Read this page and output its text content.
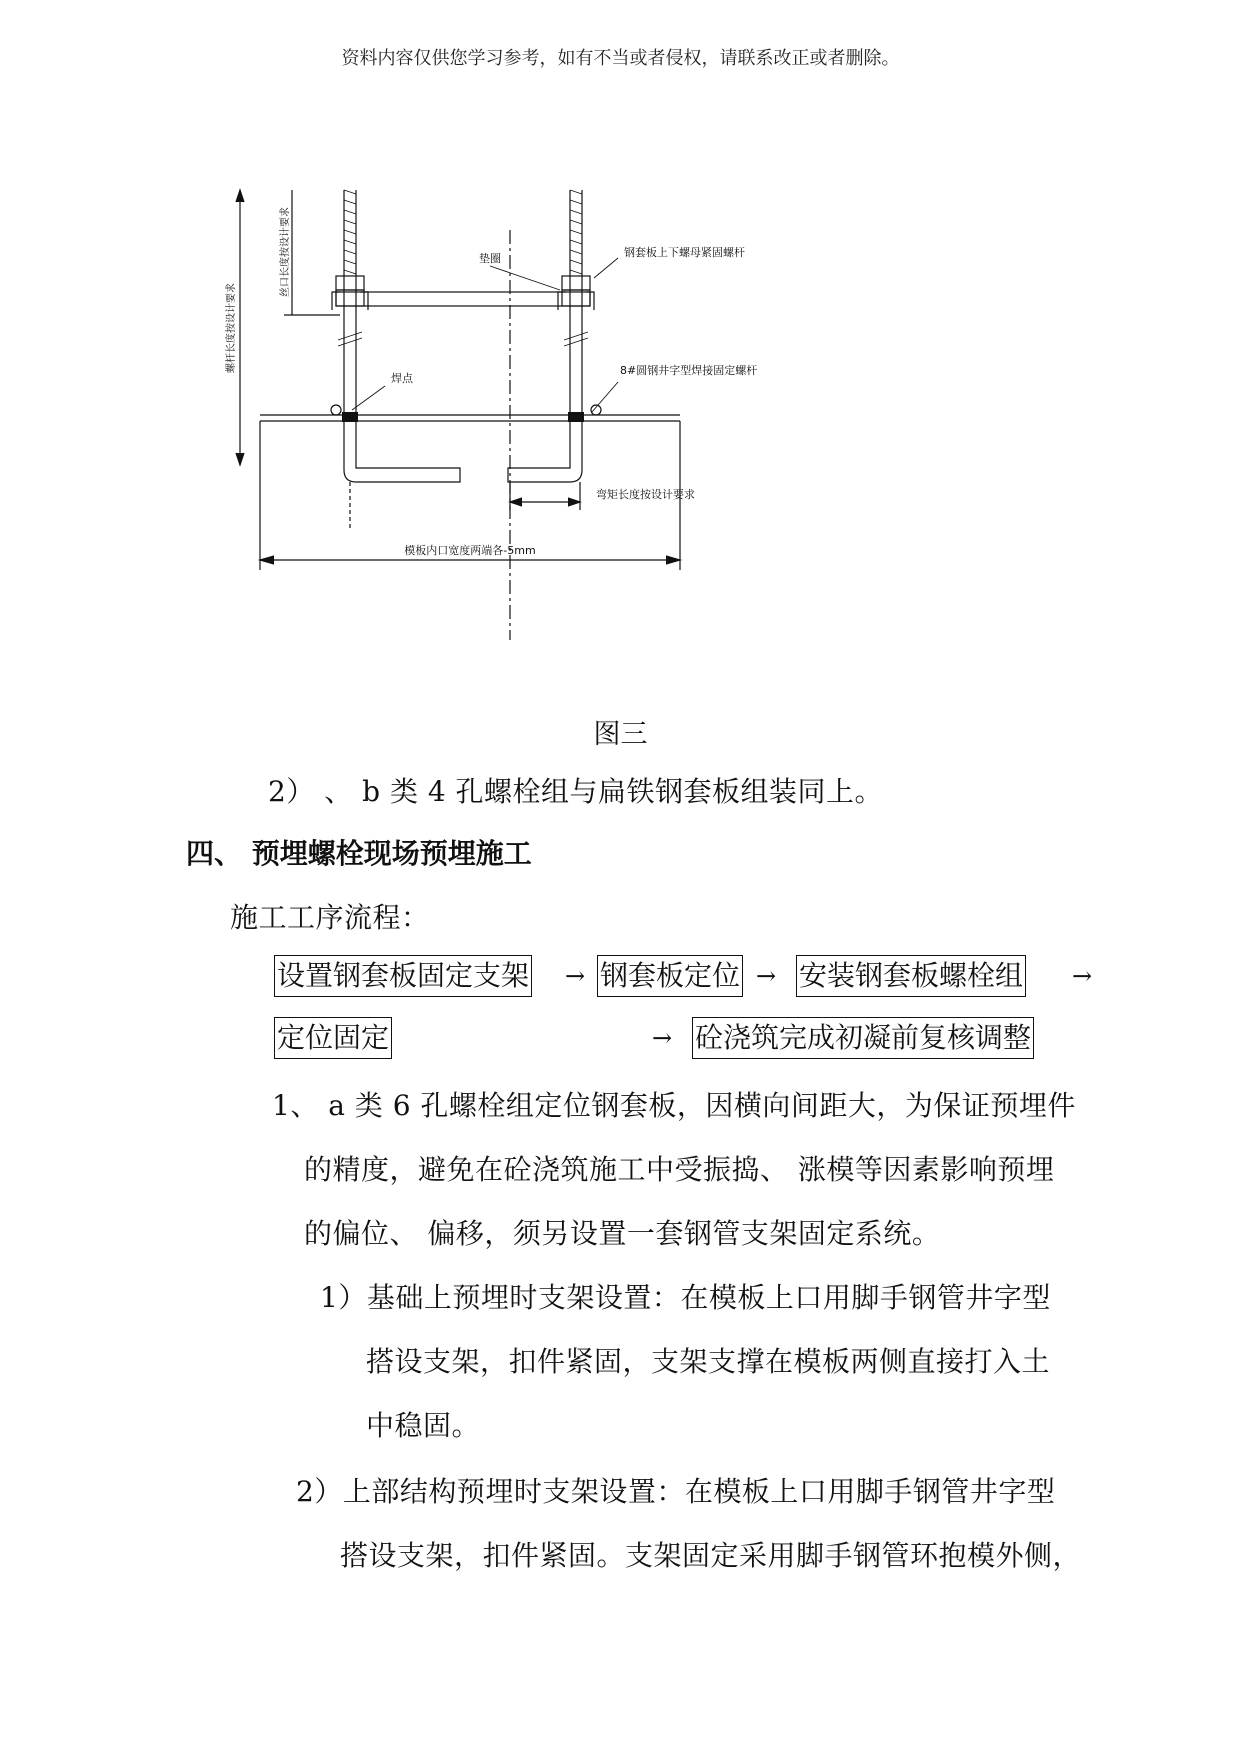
资料内容仅供您学习参考，如有不当或者侵权，请联系改正或者删除。
螺杆长度按设计要求
丝口长度按设计要求	垫圈	钢套板上下螺母紧固螺杆
焊点
8#圆钢井字型焊接固定螺杆
弯矩长度按设计要求
模板内口宽度两端各-5mm
图三
2） 、 b 类 4 孔螺栓组与扁铁钢套板组装同上。
四、 预埋螺栓现场预埋施工
施工工序流程：
设置钢套板固定支架 → 钢套板定位 → 安装钢套板螺栓组 →
定位固定	→ 砼浇筑完成初凝前复核调整
1、 a 类 6 孔螺栓组定位钢套板，因横向间距大，为保证预埋件
的精度，避免在砼浇筑施工中受振捣、 涨模等因素影响预埋
的偏位、 偏移，须另设置一套钢管支架固定系统。
1）基础上预埋时支架设置：在模板上口用脚手钢管井字型
搭设支架，扣件紧固，支架支撑在模板两侧直接打入土
中稳固。
2）上部结构预埋时支架设置：在模板上口用脚手钢管井字型
搭设支架，扣件紧固。支架固定采用脚手钢管环抱模外侧，
